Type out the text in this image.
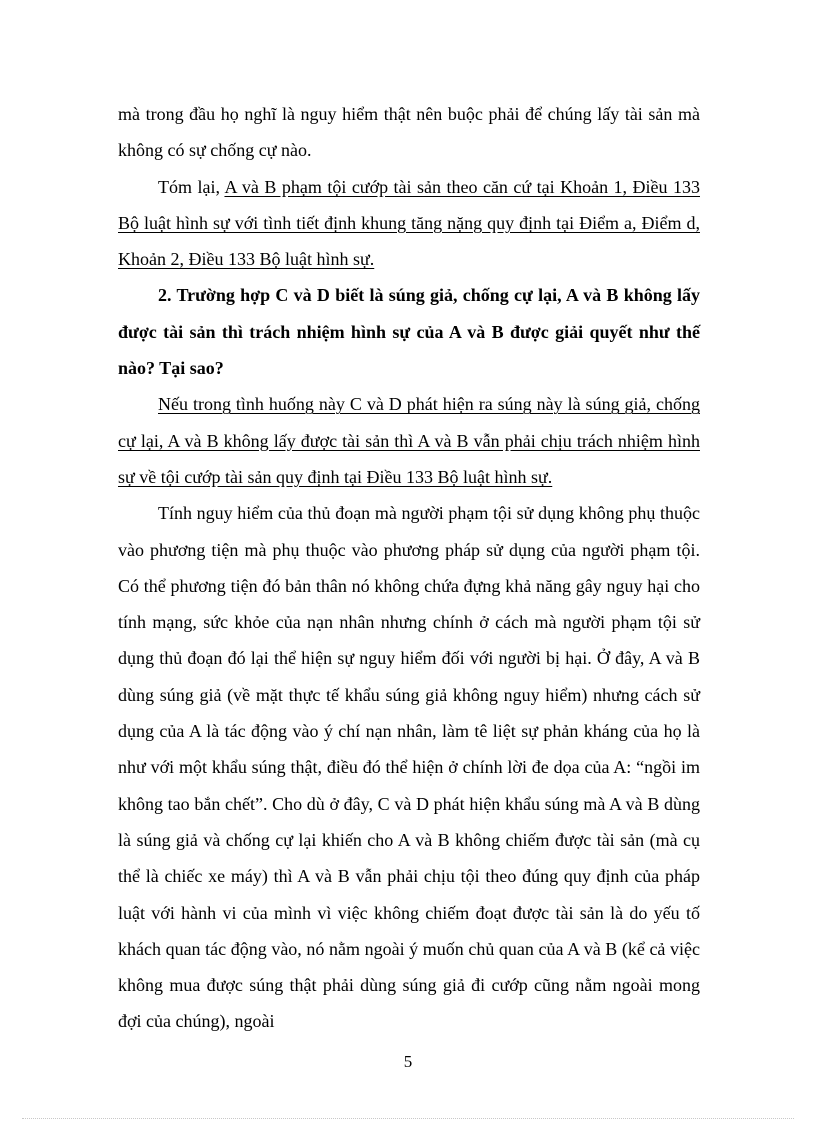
mà trong đầu họ nghĩ là nguy hiểm thật nên buộc phải để chúng lấy tài sản mà không có sự chống cự nào.

Tóm lại, A và B phạm tội cướp tài sản theo căn cứ tại Khoản 1, Điều 133 Bộ luật hình sự với tình tiết định khung tăng nặng quy định tại Điểm a, Điểm d, Khoản 2, Điều 133 Bộ luật hình sự.

2. Trường hợp C và D biết là súng giả, chống cự lại, A và B không lấy được tài sản thì trách nhiệm hình sự của A và B được giải quyết như thế nào? Tại sao?

Nếu trong tình huống này C và D phát hiện ra súng này là súng giả, chống cự lại, A và B không lấy được tài sản thì A và B vẫn phải chịu trách nhiệm hình sự về tội cướp tài sản quy định tại Điều 133 Bộ luật hình sự.

Tính nguy hiểm của thủ đoạn mà người phạm tội sử dụng không phụ thuộc vào phương tiện mà phụ thuộc vào phương pháp sử dụng của người phạm tội. Có thể phương tiện đó bản thân nó không chứa đựng khả năng gây nguy hại cho tính mạng, sức khỏe của nạn nhân nhưng chính ở cách mà người phạm tội sử dụng thủ đoạn đó lại thể hiện sự nguy hiểm đối với người bị hại. Ở đây, A và B dùng súng giả (về mặt thực tế khẩu súng giả không nguy hiểm) nhưng cách sử dụng của A là tác động vào ý chí nạn nhân, làm tê liệt sự phản kháng của họ là như với một khẩu súng thật, điều đó thể hiện ở chính lời đe dọa của A: “ngồi im không tao bắn chết”. Cho dù ở đây, C và D phát hiện khẩu súng mà A và B dùng là súng giả và chống cự lại khiến cho A và B không chiếm được tài sản (mà cụ thể là chiếc xe máy) thì A và B vẫn phải chịu tội theo đúng quy định của pháp luật với hành vi của mình vì việc không chiếm đoạt được tài sản là do yếu tố khách quan tác động vào, nó nằm ngoài ý muốn chủ quan của A và B (kể cả việc không mua được súng thật phải dùng súng giả đi cướp cũng nằm ngoài mong đợi của chúng), ngoài

5
